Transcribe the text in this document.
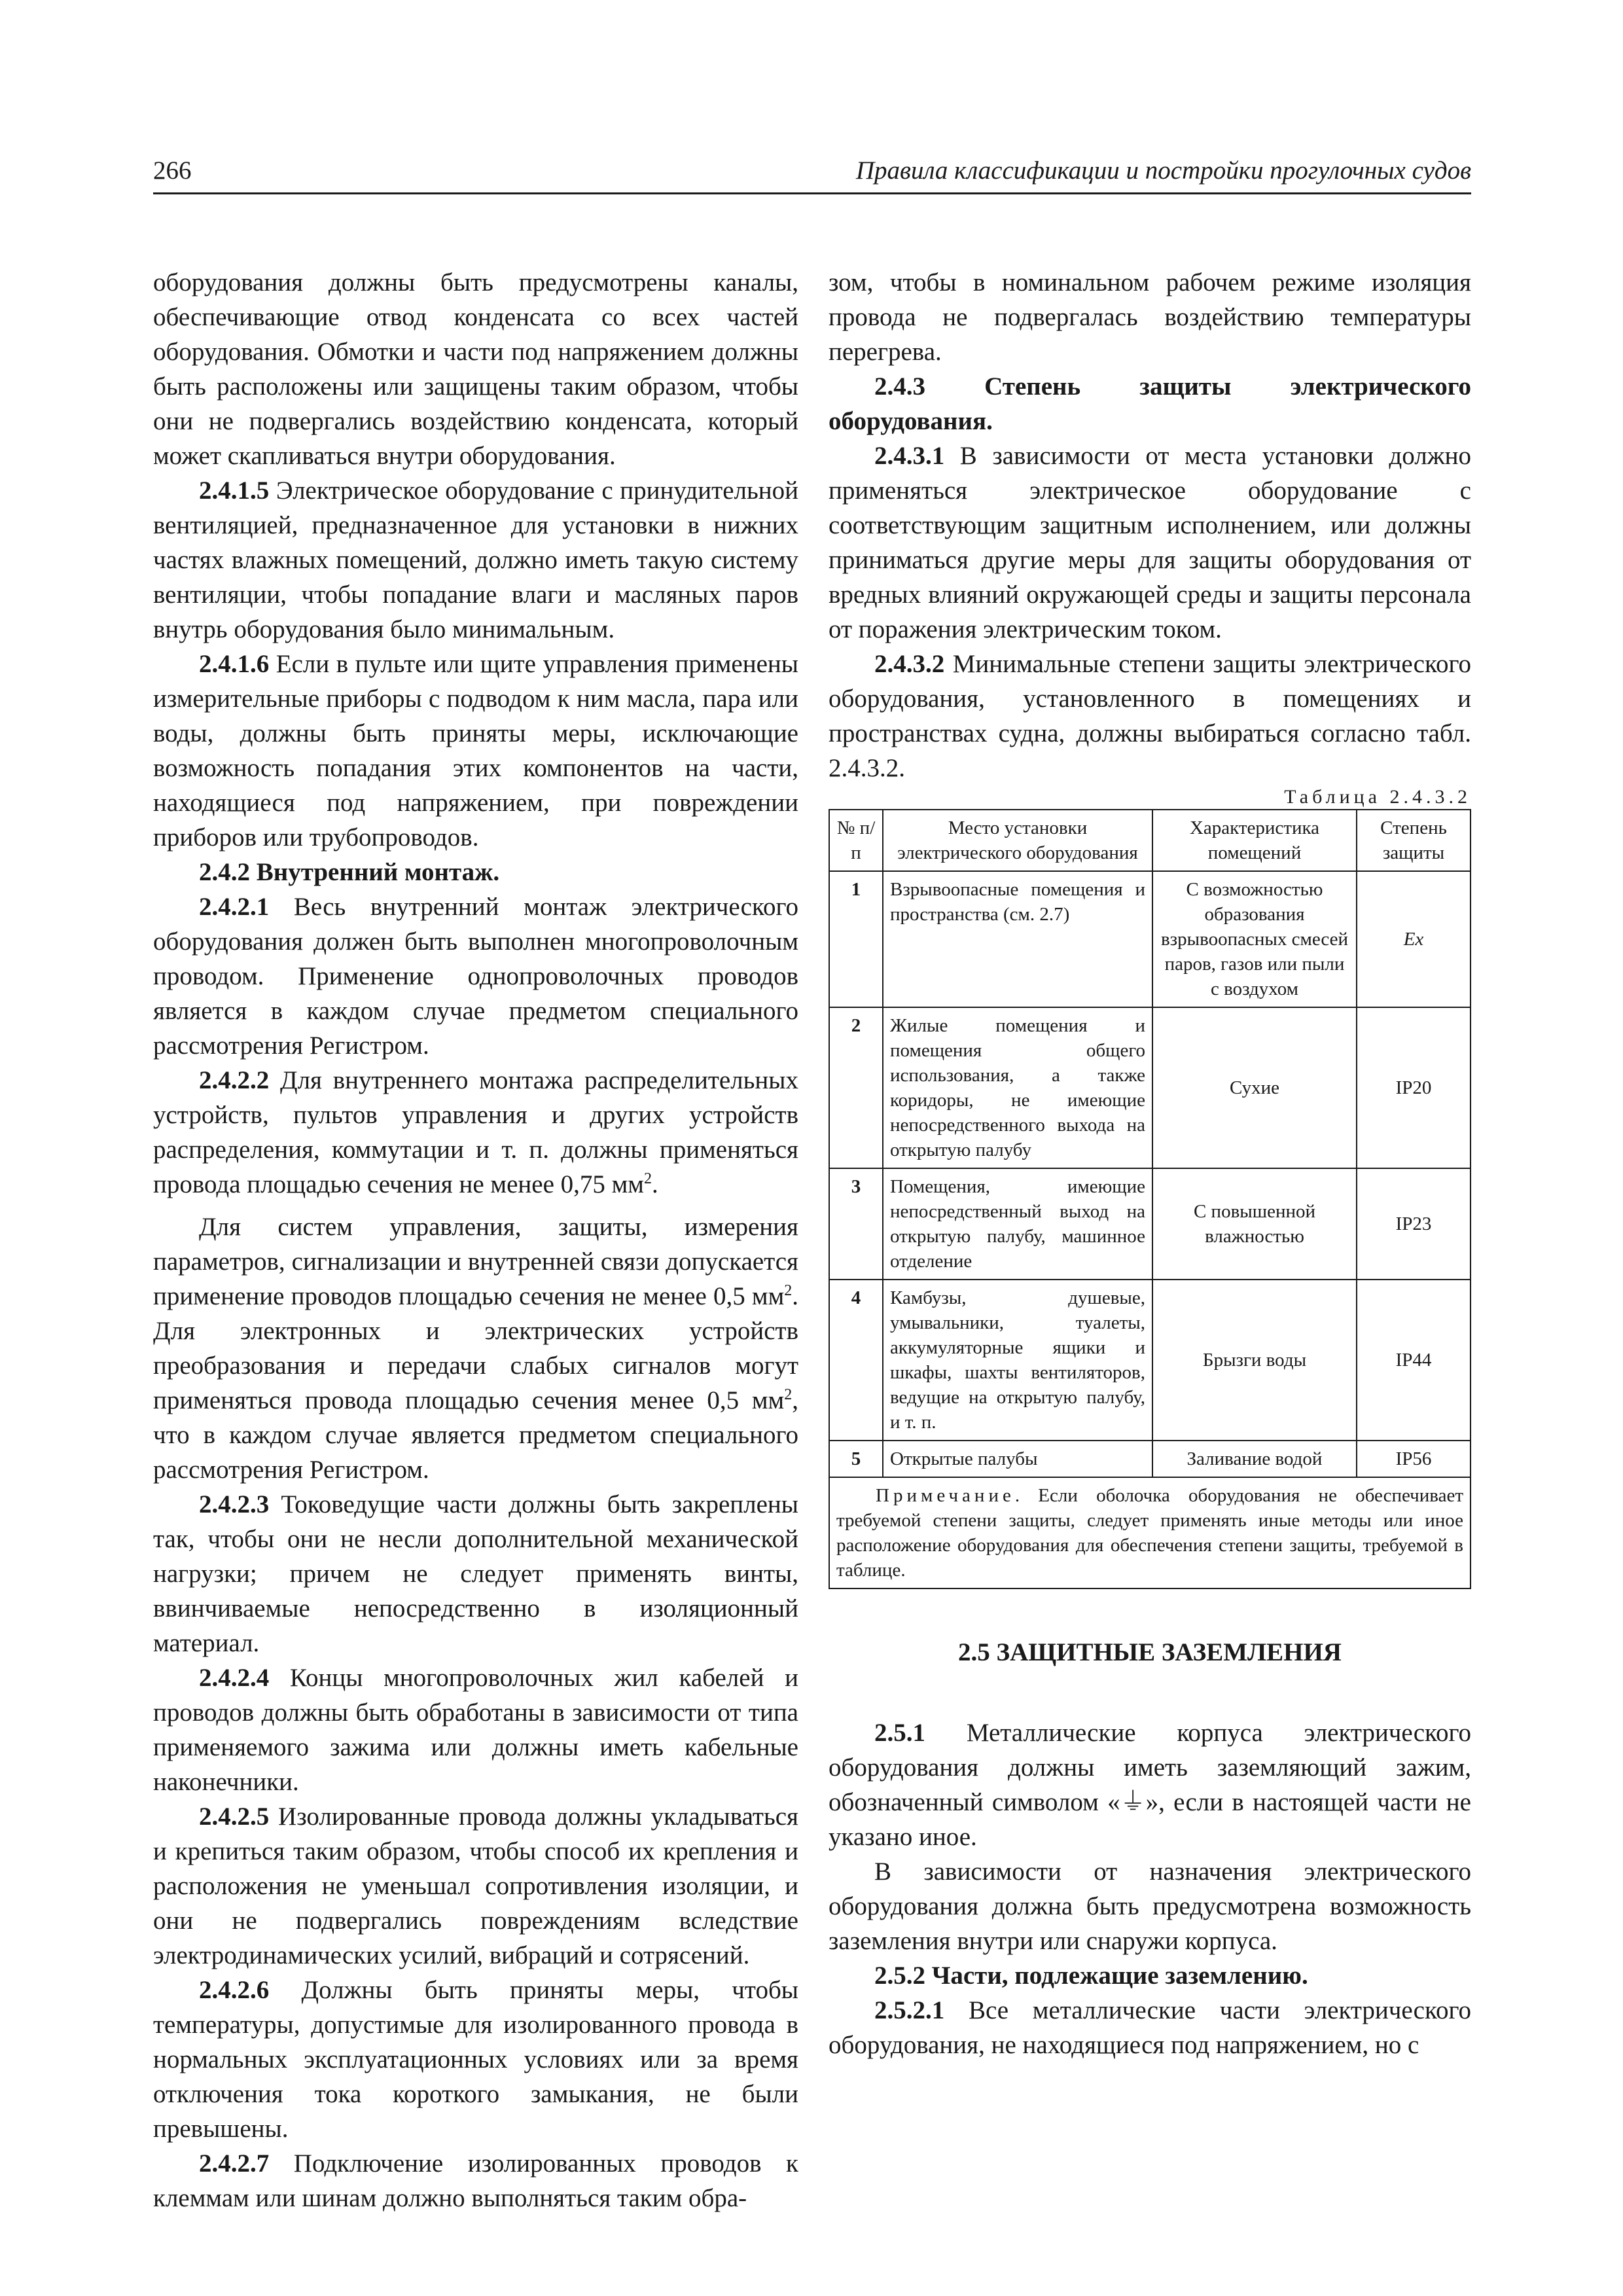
266	Правила классификации и постройки прогулочных судов

оборудования должны быть предусмотрены каналы, обеспечивающие отвод конденсата со всех частей оборудования. Обмотки и части под напряжением должны быть расположены или защищены таким образом, чтобы они не подвергались воздействию конденсата, который может скапливаться внутри оборудования.

2.4.1.5 Электрическое оборудование с принудительной вентиляцией, предназначенное для установки в нижних частях влажных помещений, должно иметь такую систему вентиляции, чтобы попадание влаги и масляных паров внутрь оборудования было минимальным.

2.4.1.6 Если в пульте или щите управления применены измерительные приборы с подводом к ним масла, пара или воды, должны быть приняты меры, исключающие возможность попадания этих компонентов на части, находящиеся под напряжением, при повреждении приборов или трубопроводов.

2.4.2 Внутренний монтаж.

2.4.2.1 Весь внутренний монтаж электрического оборудования должен быть выполнен многопроволочным проводом. Применение однопроволочных проводов является в каждом случае предметом специального рассмотрения Регистром.

2.4.2.2 Для внутреннего монтажа распределительных устройств, пультов управления и других устройств распределения, коммутации и т. п. должны применяться провода площадью сечения не менее 0,75 $мм^2$.

Для систем управления, защиты, измерения параметров, сигнализации и внутренней связи допускается применение проводов площадью сечения не менее 0,5 $мм^2$. Для электронных и электрических устройств преобразования и передачи слабых сигналов могут применяться провода площадью сечения менее 0,5 $мм^2$, что в каждом случае является предметом специального рассмотрения Регистром.

2.4.2.3 Токоведущие части должны быть закреплены так, чтобы они не несли дополнительной механической нагрузки; причем не следует применять винты, ввинчиваемые непосредственно в изоляционный материал.

2.4.2.4 Концы многопроволочных жил кабелей и проводов должны быть обработаны в зависимости от типа применяемого зажима или должны иметь кабельные наконечники.

2.4.2.5 Изолированные провода должны укладываться и крепиться таким образом, чтобы способ их крепления и расположения не уменьшал сопротивления изоляции, и они не подвергались повреждениям вследствие электродинамических усилий, вибраций и сотрясений.

2.4.2.6 Должны быть приняты меры, чтобы температуры, допустимые для изолированного провода в нормальных эксплуатационных условиях или за время отключения тока короткого замыкания, не были превышены.

2.4.2.7 Подключение изолированных проводов к клеммам или шинам должно выполняться таким обра-

зом, чтобы в номинальном рабочем режиме изоляция провода не подвергалась воздействию температуры перегрева.

2.4.3 Степень защиты электрического оборудования.

2.4.3.1 В зависимости от места установки должно применяться электрическое оборудование с соответствующим защитным исполнением, или должны приниматься другие меры для защиты оборудования от вредных влияний окружающей среды и защиты персонала от поражения электрическим током.

2.4.3.2 Минимальные степени защиты электрического оборудования, установленного в помещениях и пространствах судна, должны выбираться согласно табл. 2.4.3.2.

Таблица 2.4.3.2

№ п/п	Место установки электрического оборудования	Характеристика помещений	Степень защиты
1	Взрывоопасные помещения и пространства (см. 2.7)	С возможностью образования взрывоопасных смесей паров, газов или пыли с воздухом	Ex
2	Жилые помещения и помещения общего использования, а также коридоры, не имеющие непосредственного выхода на открытую палубу	Сухие	IP20
3	Помещения, имеющие непосредственный выход на открытую палубу, машинное отделение	С повышенной влажностью	IP23
4	Камбузы, душевые, умывальники, туалеты, аккумуляторные ящики и шкафы, шахты вентиляторов, ведущие на открытую палубу, и т. п.	Брызги воды	IP44
5	Открытые палубы	Заливание водой	IP56
Примечание. Если оболочка оборудования не обеспечивает требуемой степени защиты, следует применять иные методы или иное расположение оборудования для обеспечения степени защиты, требуемой в таблице.			

2.5 ЗАЩИТНЫЕ ЗАЗЕМЛЕНИЯ

2.5.1 Металлические корпуса электрического оборудования должны иметь заземляющий зажим, обозначенный символом «⏚», если в настоящей части не указано иное.

В зависимости от назначения электрического оборудования должна быть предусмотрена возможность заземления внутри или снаружи корпуса.

2.5.2 Части, подлежащие заземлению.

2.5.2.1 Все металлические части электрического оборудования, не находящиеся под напряжением, но с
